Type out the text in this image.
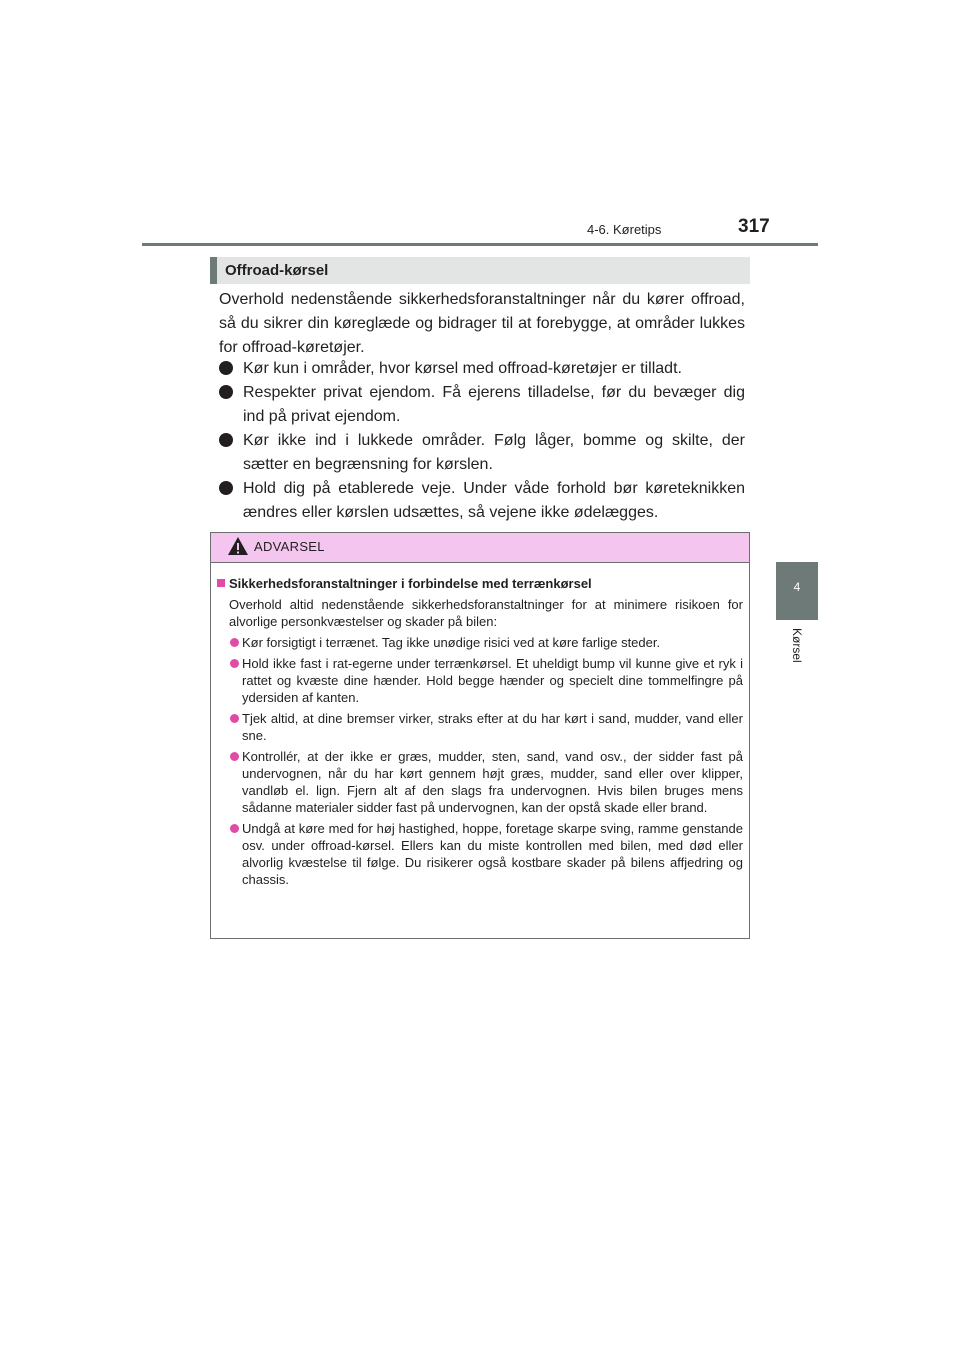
4-6. Køretips	317
4
Kørsel
Offroad-kørsel

Overhold nedenstående sikkerhedsforanstaltninger når du kører offroad, så du sikrer din køreglæde og bidrager til at forebygge, at områder lukkes for offroad-køretøjer.

Kør kun i områder, hvor kørsel med offroad-køretøjer er tilladt.
Respekter privat ejendom. Få ejerens tilladelse, før du bevæger dig ind på privat ejendom.
Kør ikke ind i lukkede områder. Følg låger, bomme og skilte, der sætter en begrænsning for kørslen.
Hold dig på etablerede veje. Under våde forhold bør køreteknikken ændres eller kørslen udsættes, så vejene ikke ødelægges.
ADVARSEL
Sikkerhedsforanstaltninger i forbindelse med terrænkørsel
Overhold altid nedenstående sikkerhedsforanstaltninger for at minimere risikoen for alvorlige personkvæstelser og skader på bilen:
Kør forsigtigt i terrænet. Tag ikke unødige risici ved at køre farlige steder.
Hold ikke fast i rat-egerne under terrænkørsel. Et uheldigt bump vil kunne give et ryk i rattet og kvæste dine hænder. Hold begge hænder og specielt dine tommelfingre på ydersiden af kanten.
Tjek altid, at dine bremser virker, straks efter at du har kørt i sand, mudder, vand eller sne.
Kontrollér, at der ikke er græs, mudder, sten, sand, vand osv., der sidder fast på undervognen, når du har kørt gennem højt græs, mudder, sand eller over klipper, vandløb el. lign. Fjern alt af den slags fra undervognen. Hvis bilen bruges mens sådanne materialer sidder fast på undervognen, kan der opstå skade eller brand.
Undgå at køre med for høj hastighed, hoppe, foretage skarpe sving, ramme genstande osv. under offroad-kørsel. Ellers kan du miste kontrollen med bilen, med død eller alvorlig kvæstelse til følge. Du risikerer også kostbare skader på bilens affjedring og chassis.
